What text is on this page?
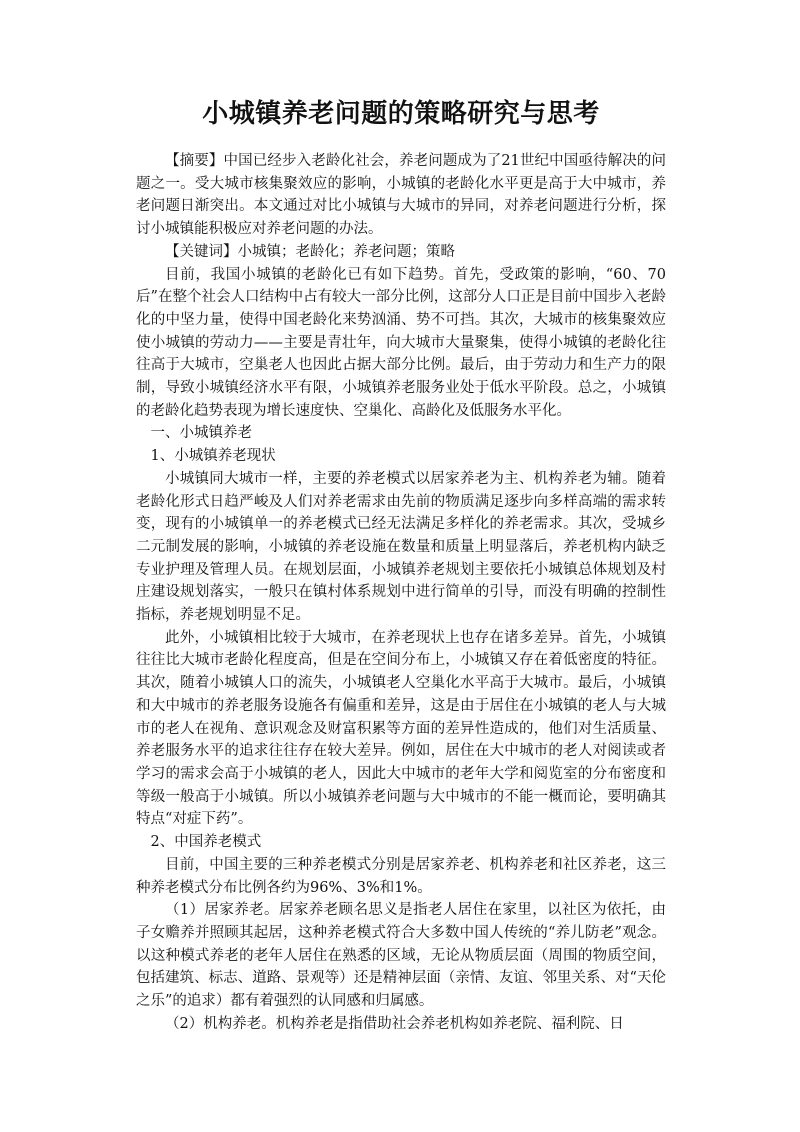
小城镇养老问题的策略研究与思考

【摘要】中国已经步入老龄化社会，养老问题成为了21世纪中国亟待解决的问题之一。受大城市核集聚效应的影响，小城镇的老龄化水平更是高于大中城市，养老问题日渐突出。本文通过对比小城镇与大城市的异同，对养老问题进行分析，探讨小城镇能积极应对养老问题的办法。

【关键词】小城镇；老龄化；养老问题；策略

目前，我国小城镇的老龄化已有如下趋势。首先，受政策的影响，“60、70后”在整个社会人口结构中占有较大一部分比例，这部分人口正是目前中国步入老龄化的中坚力量，使得中国老龄化来势汹涌、势不可挡。其次，大城市的核集聚效应使小城镇的劳动力——主要是青壮年，向大城市大量聚集，使得小城镇的老龄化往往高于大城市，空巢老人也因此占据大部分比例。最后，由于劳动力和生产力的限制，导致小城镇经济水平有限，小城镇养老服务业处于低水平阶段。总之，小城镇的老龄化趋势表现为增长速度快、空巢化、高龄化及低服务水平化。

一、小城镇养老

1、小城镇养老现状

小城镇同大城市一样，主要的养老模式以居家养老为主、机构养老为辅。随着老龄化形式日趋严峻及人们对养老需求由先前的物质满足逐步向多样高端的需求转变，现有的小城镇单一的养老模式已经无法满足多样化的养老需求。其次，受城乡二元制发展的影响，小城镇的养老设施在数量和质量上明显落后，养老机构内缺乏专业护理及管理人员。在规划层面，小城镇养老规划主要依托小城镇总体规划及村庄建设规划落实，一般只在镇村体系规划中进行简单的引导，而没有明确的控制性指标，养老规划明显不足。

此外，小城镇相比较于大城市，在养老现状上也存在诸多差异。首先，小城镇往往比大城市老龄化程度高，但是在空间分布上，小城镇又存在着低密度的特征。其次，随着小城镇人口的流失，小城镇老人空巢化水平高于大城市。最后，小城镇和大中城市的养老服务设施各有偏重和差异，这是由于居住在小城镇的老人与大城市的老人在视角、意识观念及财富积累等方面的差异性造成的，他们对生活质量、养老服务水平的追求往往存在较大差异。例如，居住在大中城市的老人对阅读或者学习的需求会高于小城镇的老人，因此大中城市的老年大学和阅览室的分布密度和等级一般高于小城镇。所以小城镇养老问题与大中城市的不能一概而论，要明确其特点“对症下药”。

2、中国养老模式

目前，中国主要的三种养老模式分别是居家养老、机构养老和社区养老，这三种养老模式分布比例各约为96%、3%和1%。

（1）居家养老。居家养老顾名思义是指老人居住在家里，以社区为依托，由子女赡养并照顾其起居，这种养老模式符合大多数中国人传统的“养儿防老”观念。以这种模式养老的老年人居住在熟悉的区域，无论从物质层面（周围的物质空间，包括建筑、标志、道路、景观等）还是精神层面（亲情、友谊、邻里关系、对“天伦之乐”的追求）都有着强烈的认同感和归属感。

（2）机构养老。机构养老是指借助社会养老机构如养老院、福利院、日
